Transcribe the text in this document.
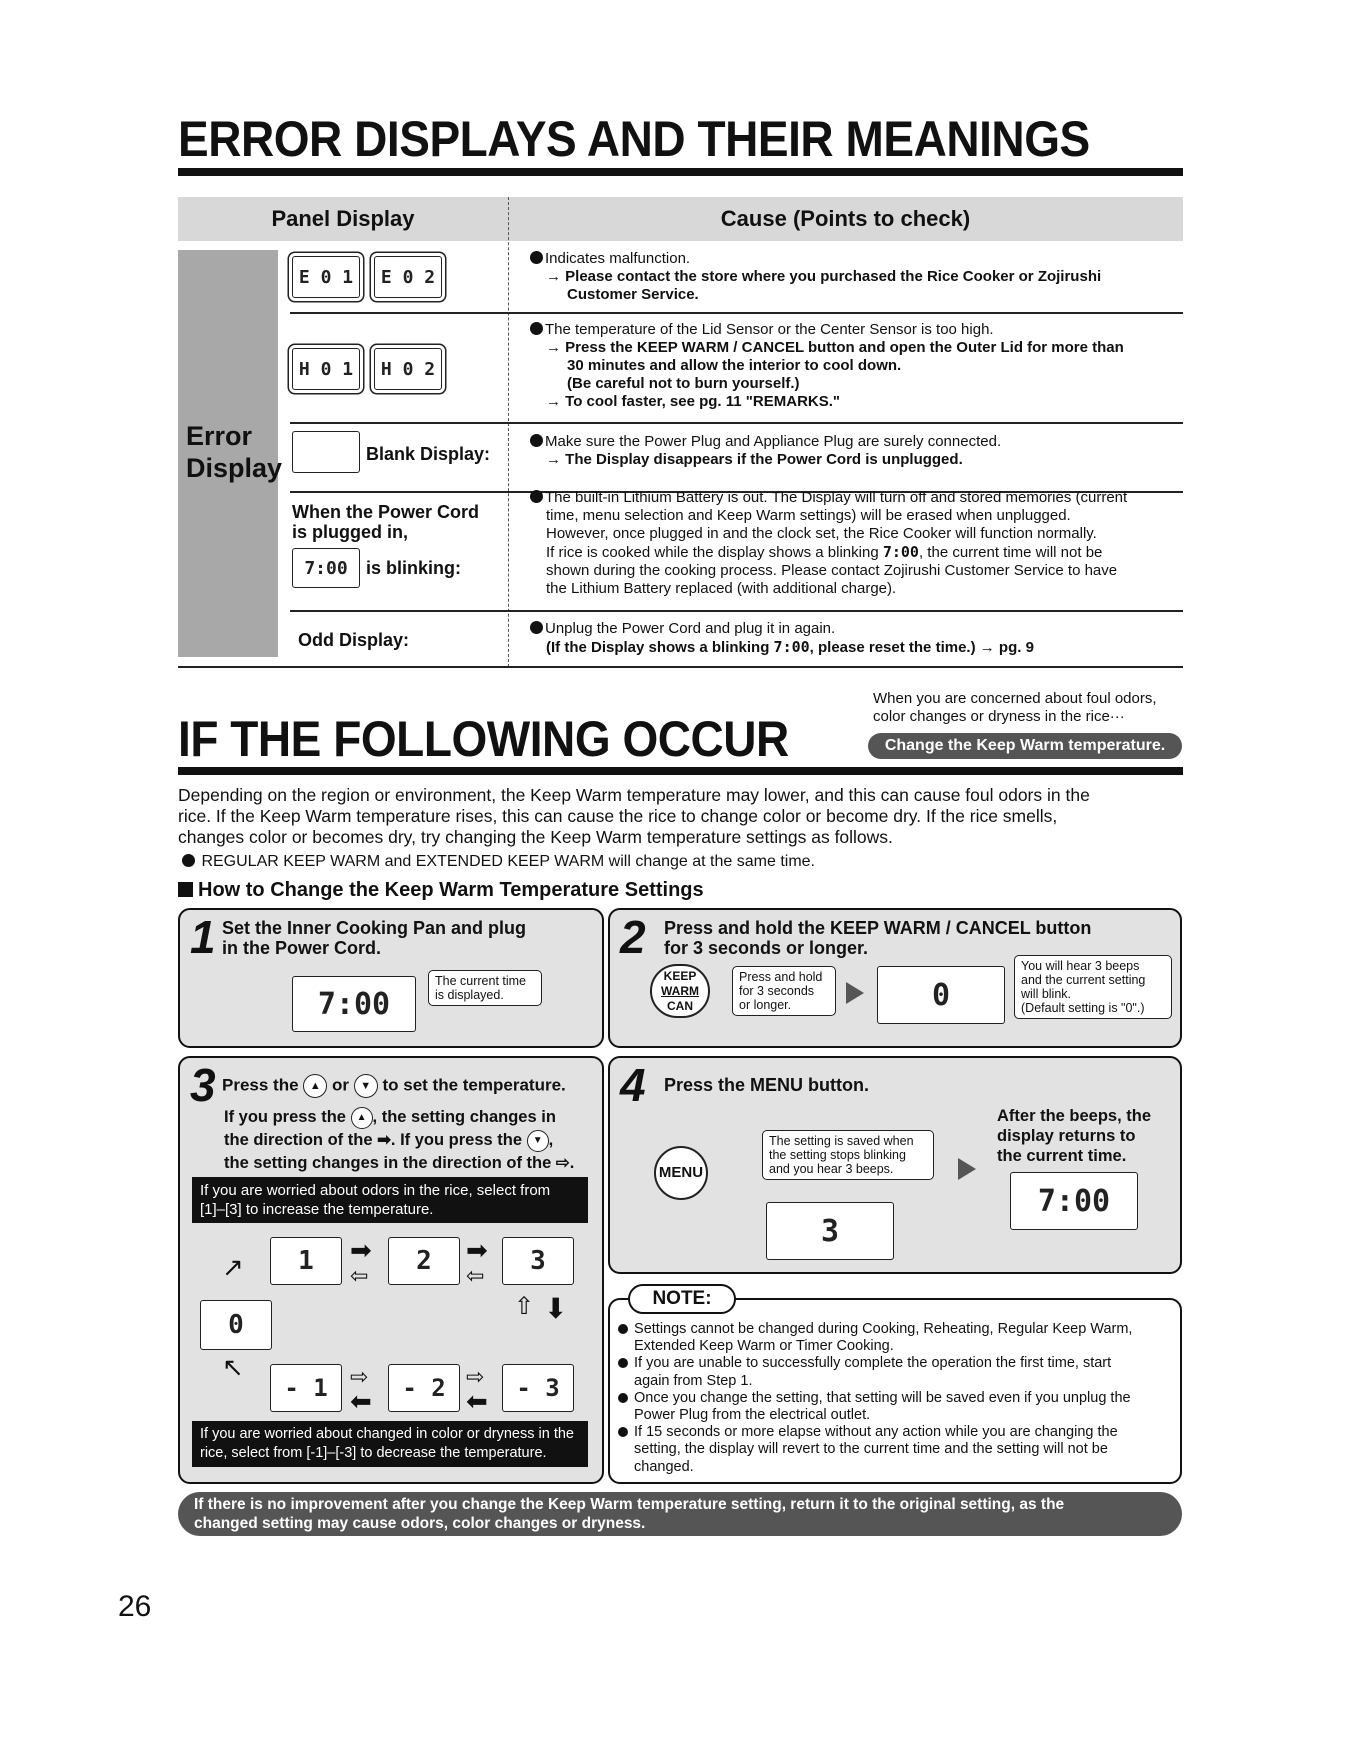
ERROR DISPLAYS AND THEIR MEANINGS
Panel Display	Cause (Points to check)
Error
Display
E 0 1	E 0 2
Indicates malfunction.
→ Please contact the store where you purchased the Rice Cooker or Zojirushi
Customer Service.
H 0 1	H 0 2
The temperature of the Lid Sensor or the Center Sensor is too high.
→ Press the KEEP WARM / CANCEL button and open the Outer Lid for more than
30 minutes and allow the interior to cool down.
(Be careful not to burn yourself.)
→ To cool faster, see pg. 11 "REMARKS."
Blank Display:
Make sure the Power Plug and Appliance Plug are surely connected.
→ The Display disappears if the Power Cord is unplugged.
When the Power Cord
is plugged in,
7:00	is blinking:
The built-in Lithium Battery is out. The Display will turn off and stored memories (current
time, menu selection and Keep Warm settings) will be erased when unplugged.
However, once plugged in and the clock set, the Rice Cooker will function normally.
If rice is cooked while the display shows a blinking 7:00, the current time will not be
shown during the cooking process. Please contact Zojirushi Customer Service to have
the Lithium Battery replaced (with additional charge).
Odd Display:
Unplug the Power Cord and plug it in again.
(If the Display shows a blinking 7:00, please reset the time.) → pg. 9
IF THE FOLLOWING OCCUR
When you are concerned about foul odors,
color changes or dryness in the rice···
Change the Keep Warm temperature.
Depending on the region or environment, the Keep Warm temperature may lower, and this can cause foul odors in the
rice. If the Keep Warm temperature rises, this can cause the rice to change color or become dry. If the rice smells,
changes color or becomes dry, try changing the Keep Warm temperature settings as follows.
REGULAR KEEP WARM and EXTENDED KEEP WARM will change at the same time.
How to Change the Keep Warm Temperature Settings
1 Set the Inner Cooking Pan and plug
in the Power Cord.
7:00
The current time
is displayed.
2 Press and hold the KEEP WARM / CANCEL button
for 3 seconds or longer.
KEEP
WARM
CAN
Press and hold
for 3 seconds
or longer.	0
You will hear 3 beeps
and the current setting
will blink.
(Default setting is "0".)
3 Press the ▲ or ▼ to set the temperature.
If you press the ▲ , the setting changes in
the direction of the ➡. If you press the ▼ ,
the setting changes in the direction of the ⇨.
If you are worried about odors in the rice, select from
[1]–[3] to increase the temperature.
1	2	3
0
- 1	- 2	- 3
➡
⇦
➡
⇦
⇨
⬅
⇨
⬅
⇧ ⬇
↗
↖
If you are worried about changed in color or dryness in the
rice, select from [-1]–[-3] to decrease the temperature.
4 Press the MENU button.
MENU
The setting is saved when
the setting stops blinking
and you hear 3 beeps.
3
After the beeps, the
display returns to
the current time.
7:00
NOTE:
Settings cannot be changed during Cooking, Reheating, Regular Keep Warm,
Extended Keep Warm or Timer Cooking.
If you are unable to successfully complete the operation the first time, start
again from Step 1.
Once you change the setting, that setting will be saved even if you unplug the
Power Plug from the electrical outlet.
If 15 seconds or more elapse without any action while you are changing the
setting, the display will revert to the current time and the setting will not be
changed.
If there is no improvement after you change the Keep Warm temperature setting, return it to the original setting, as the
changed setting may cause odors, color changes or dryness.
26
